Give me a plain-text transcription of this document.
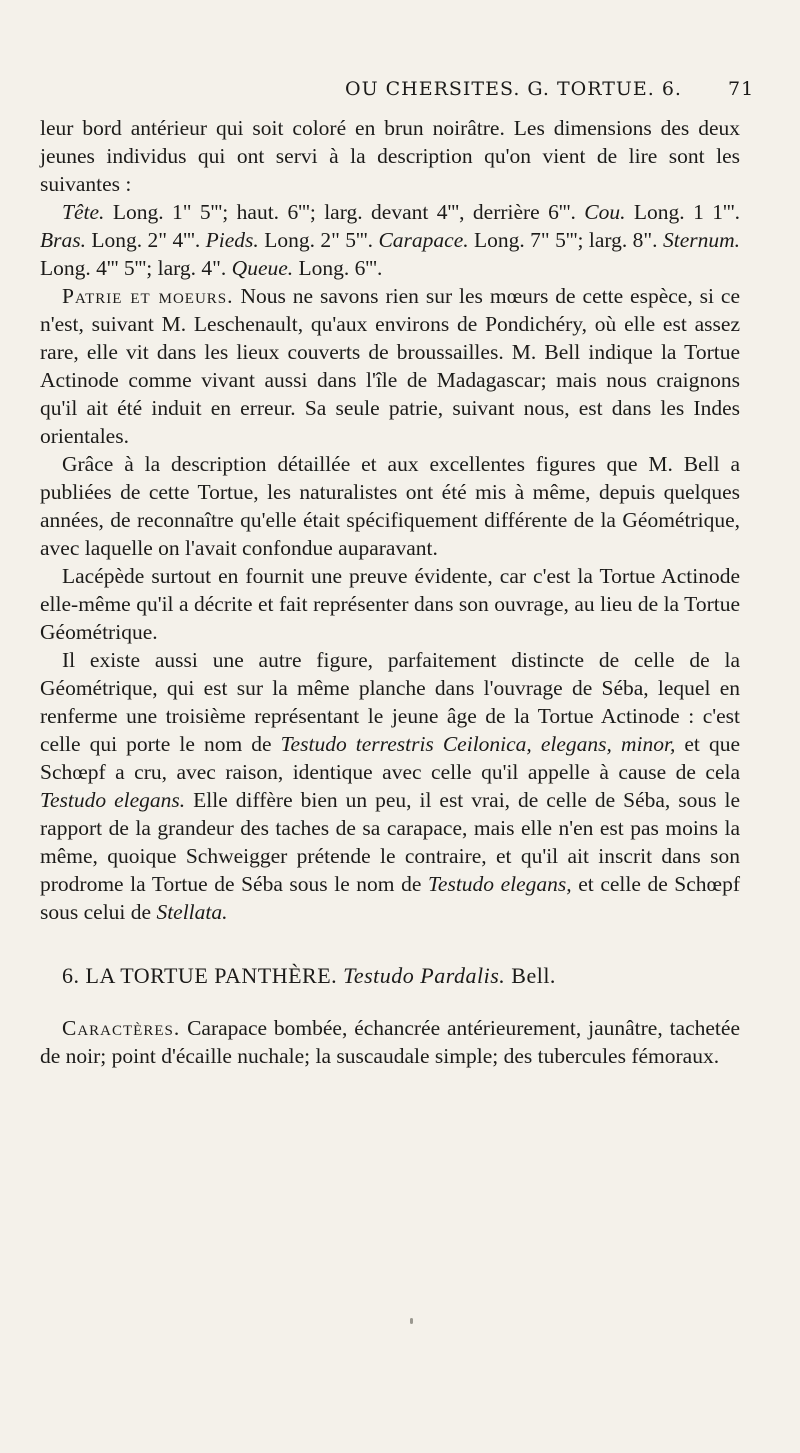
OU CHERSITES. G. TORTUE. 6. 71

leur bord antérieur qui soit coloré en brun noirâtre. Les dimensions des deux jeunes individus qui ont servi à la description qu'on vient de lire sont les suivantes :

Tête. Long. 1" 5'''; haut. 6'''; larg. devant 4''', derrière 6'''. Cou. Long. 1 1'''. Bras. Long. 2" 4'''. Pieds. Long. 2" 5'''. Carapace. Long. 7" 5'''; larg. 8". Sternum. Long. 4''' 5'''; larg. 4". Queue. Long. 6'''.

Patrie et moeurs. Nous ne savons rien sur les mœurs de cette espèce, si ce n'est, suivant M. Leschenault, qu'aux environs de Pondichéry, où elle est assez rare, elle vit dans les lieux couverts de broussailles. M. Bell indique la Tortue Actinode comme vivant aussi dans l'île de Madagascar; mais nous craignons qu'il ait été induit en erreur. Sa seule patrie, suivant nous, est dans les Indes orientales.

Grâce à la description détaillée et aux excellentes figures que M. Bell a publiées de cette Tortue, les naturalistes ont été mis à même, depuis quelques années, de reconnaître qu'elle était spécifiquement différente de la Géométrique, avec laquelle on l'avait confondue auparavant.

Lacépède surtout en fournit une preuve évidente, car c'est la Tortue Actinode elle-même qu'il a décrite et fait représenter dans son ouvrage, au lieu de la Tortue Géométrique.

Il existe aussi une autre figure, parfaitement distincte de celle de la Géométrique, qui est sur la même planche dans l'ouvrage de Séba, lequel en renferme une troisième représentant le jeune âge de la Tortue Actinode : c'est celle qui porte le nom de Testudo terrestris Ceilonica, elegans, minor, et que Schœpf a cru, avec raison, identique avec celle qu'il appelle à cause de cela Testudo elegans. Elle diffère bien un peu, il est vrai, de celle de Séba, sous le rapport de la grandeur des taches de sa carapace, mais elle n'en est pas moins la même, quoique Schweigger prétende le contraire, et qu'il ait inscrit dans son prodrome la Tortue de Séba sous le nom de Testudo elegans, et celle de Schœpf sous celui de Stellata.

6. LA TORTUE PANTHÈRE. Testudo Pardalis. Bell.

Caractères. Carapace bombée, échancrée antérieurement, jaunâtre, tachetée de noir; point d'écaille nuchale; la suscaudale simple; des tubercules fémoraux.
